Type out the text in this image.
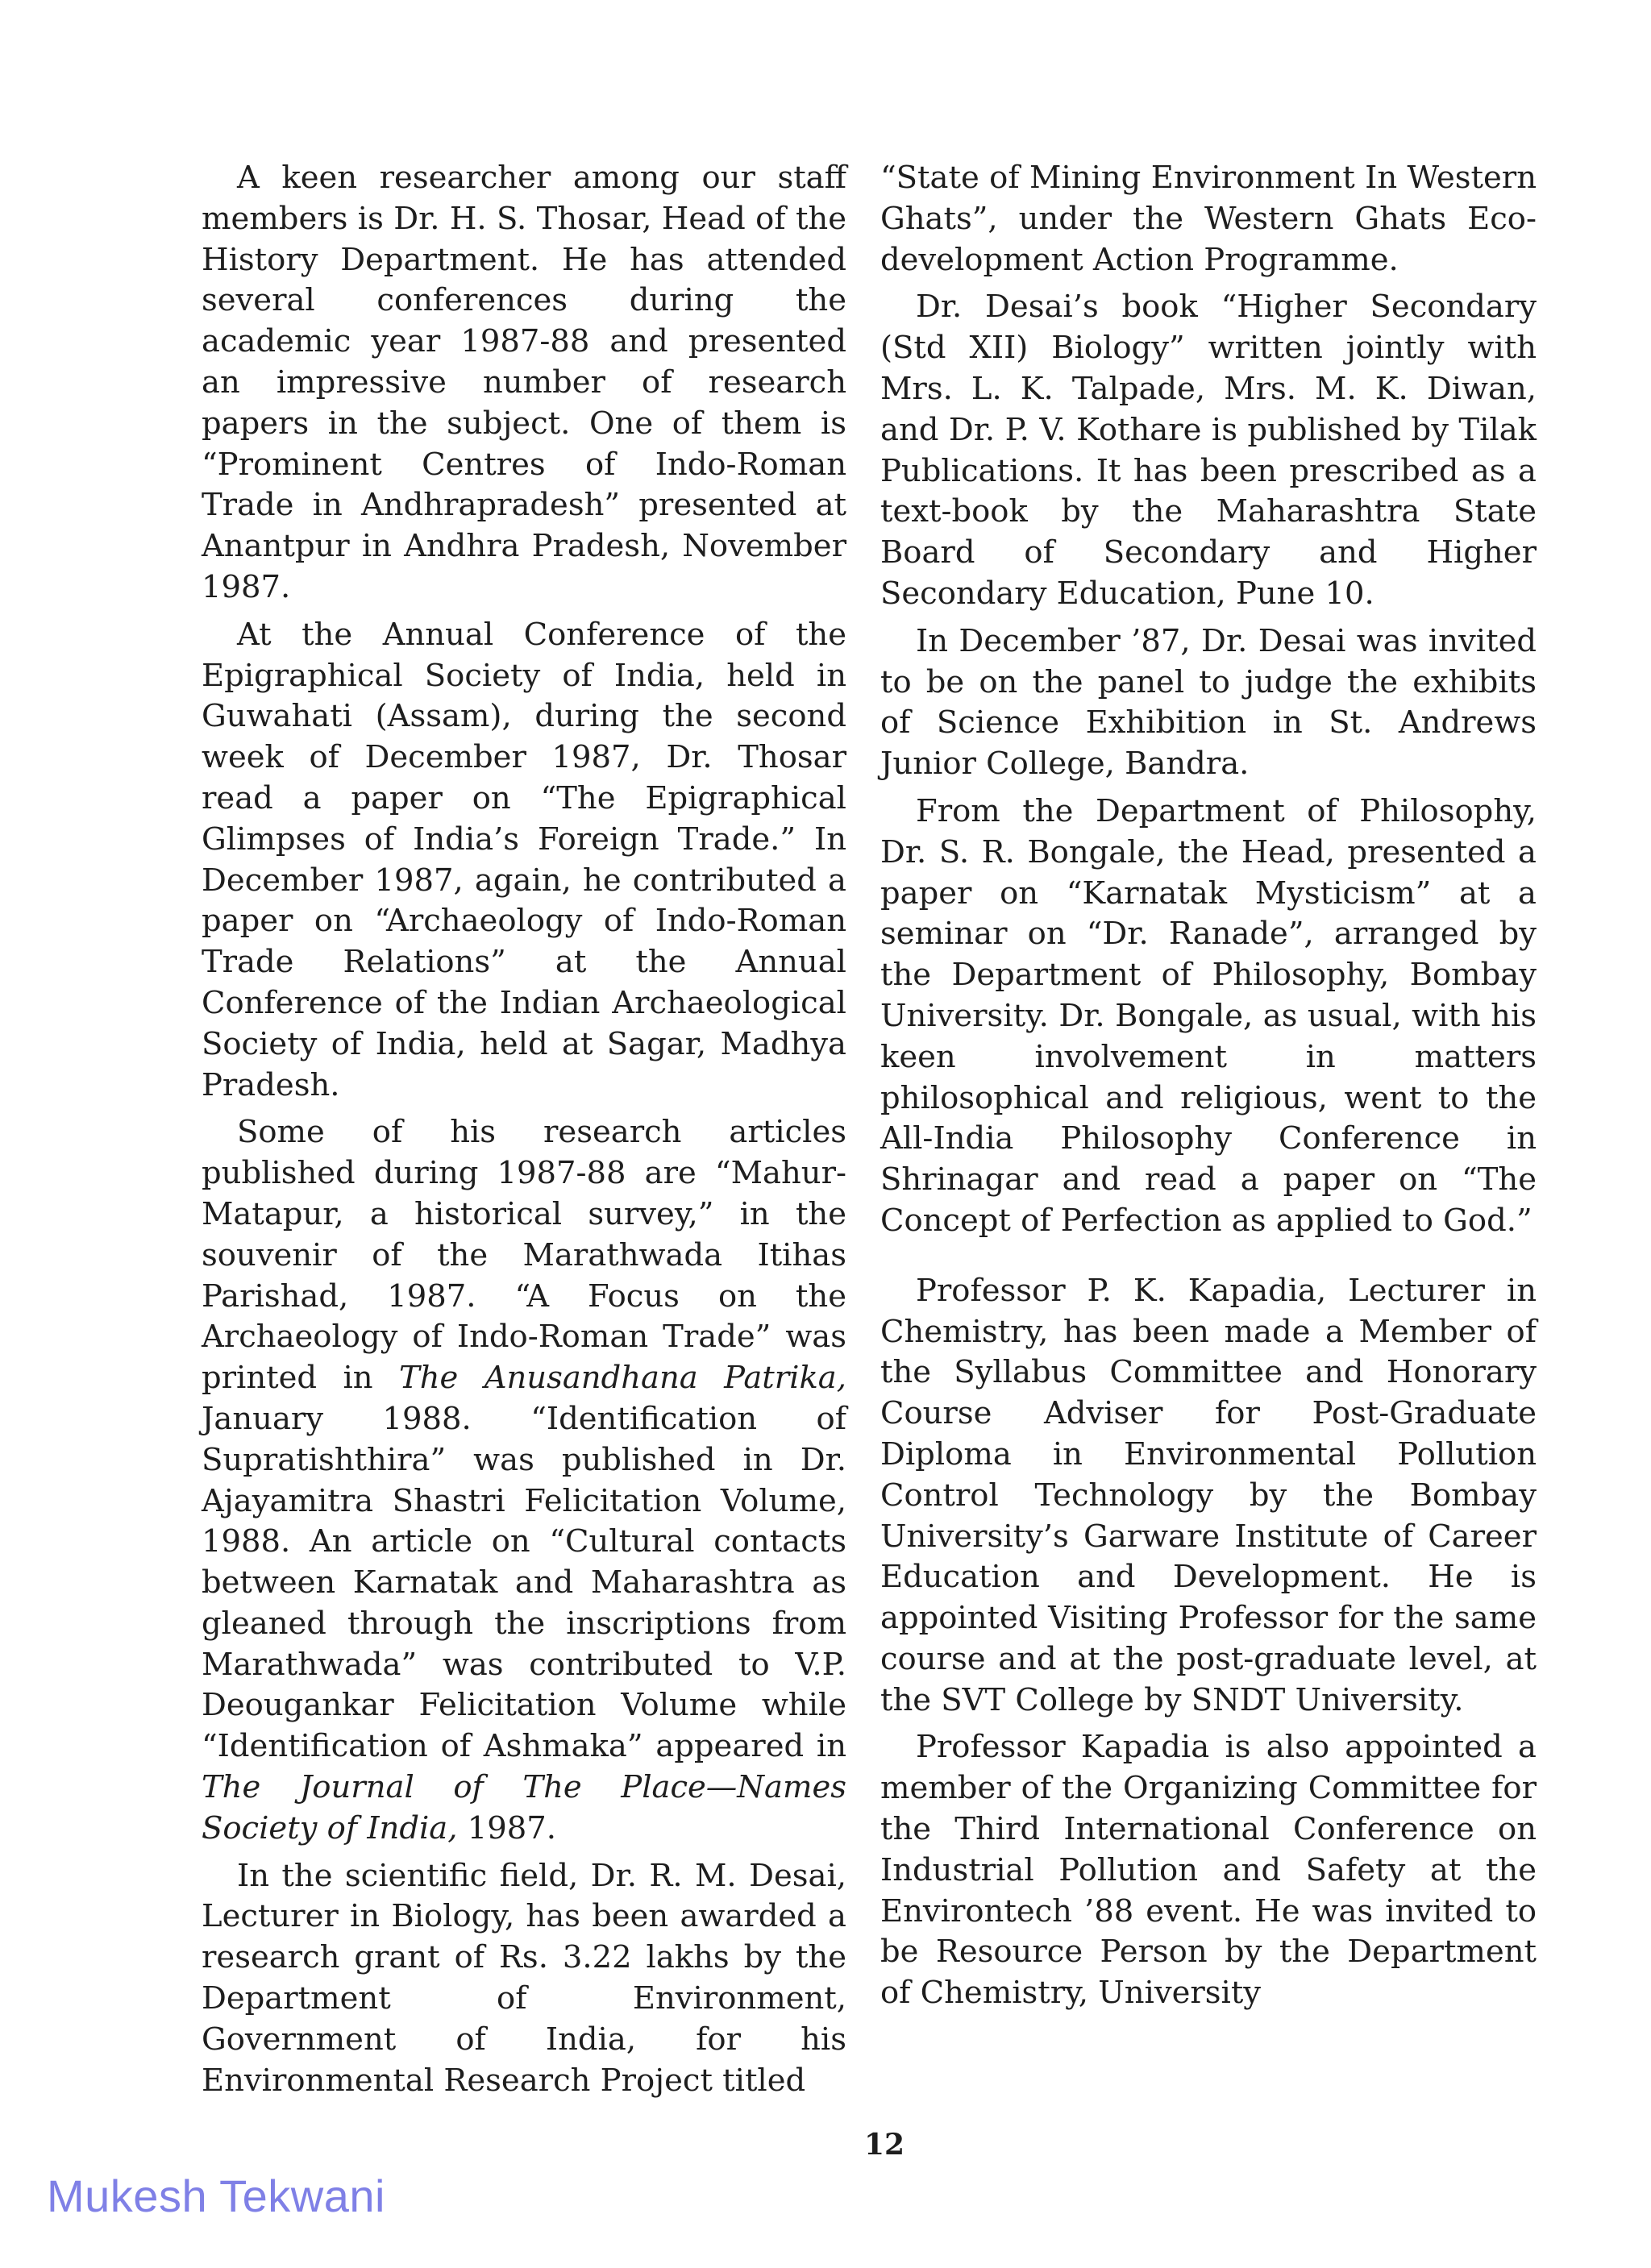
A keen researcher among our staff members is Dr. H. S. Thosar, Head of the History Department. He has attended several conferences during the academic year 1987-88 and presented an impressive number of research papers in the subject. One of them is “Prominent Centres of Indo-Roman Trade in Andhrapradesh” presented at Anantpur in Andhra Pradesh, November 1987.

At the Annual Conference of the Epigraphical Society of India, held in Guwahati (Assam), during the second week of December 1987, Dr. Thosar read a paper on “The Epigraphical Glimpses of India’s Foreign Trade.” In December 1987, again, he contributed a paper on “Archaeology of Indo-Roman Trade Relations” at the Annual Conference of the Indian Archaeological Society of India, held at Sagar, Madhya Pradesh.

Some of his research articles published during 1987-88 are “Mahur-Matapur, a historical survey,” in the souvenir of the Marathwada Itihas Parishad, 1987. “A Focus on the Archaeology of Indo-Roman Trade” was printed in The Anusandhana Patrika, January 1988. “Identification of Supratishthira” was published in Dr. Ajayamitra Shastri Felicitation Volume, 1988. An article on “Cultural contacts between Karnatak and Maharashtra as gleaned through the inscriptions from Marathwada” was contributed to V.P. Deougankar Felicitation Volume while “Identification of Ashmaka” appeared in The Journal of The Place—Names Society of India, 1987.

In the scientific field, Dr. R. M. Desai, Lecturer in Biology, has been awarded a research grant of Rs. 3.22 lakhs by the Department of Environment, Government of India, for his Environmental Research Project titled

“State of Mining Environment In Western Ghats”, under the Western Ghats Eco-development Action Programme.

Dr. Desai’s book “Higher Secondary (Std XII) Biology” written jointly with Mrs. L. K. Talpade, Mrs. M. K. Diwan, and Dr. P. V. Kothare is published by Tilak Publications. It has been prescribed as a text-book by the Maharashtra State Board of Secondary and Higher Secondary Education, Pune 10.

In December ’87, Dr. Desai was invited to be on the panel to judge the exhibits of Science Exhibition in St. Andrews Junior College, Bandra.

From the Department of Philosophy, Dr. S. R. Bongale, the Head, presented a paper on “Karnatak Mysticism” at a seminar on “Dr. Ranade”, arranged by the Department of Philosophy, Bombay University. Dr. Bongale, as usual, with his keen involvement in matters philosophical and religious, went to the All-India Philosophy Conference in Shrinagar and read a paper on “The Concept of Perfection as applied to God.”

Professor P. K. Kapadia, Lecturer in Chemistry, has been made a Member of the Syllabus Committee and Honorary Course Adviser for Post-Graduate Diploma in Environmental Pollution Control Technology by the Bombay University’s Garware Institute of Career Education and Development. He is appointed Visiting Professor for the same course and at the post-graduate level, at the SVT College by SNDT University.

Professor Kapadia is also appointed a member of the Organizing Committee for the Third International Conference on Industrial Pollution and Safety at the Environtech ’88 event. He was invited to be Resource Person by the Department of Chemistry, University

12
Mukesh Tekwani
